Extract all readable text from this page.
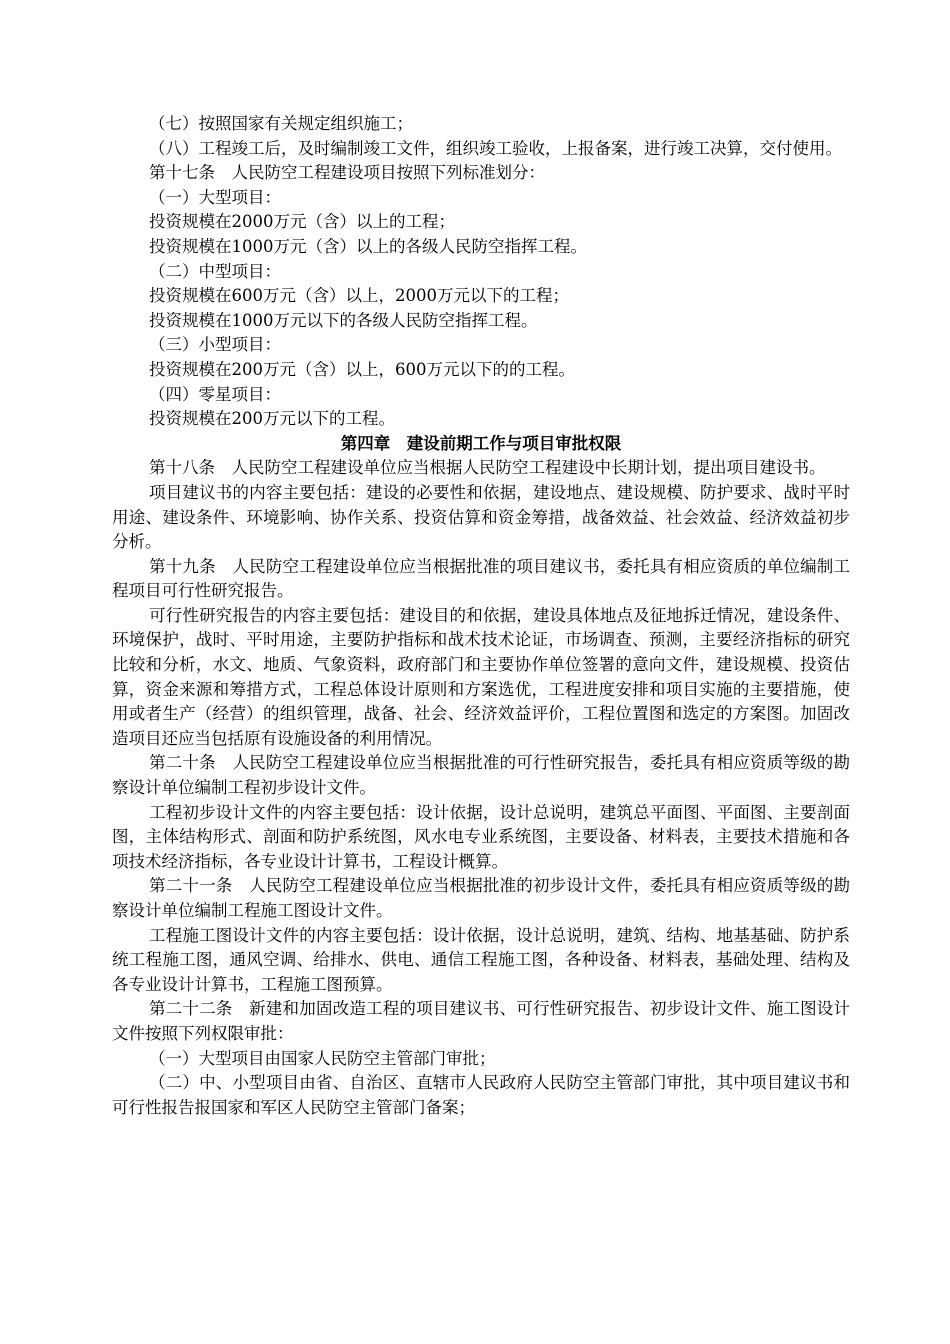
（七）按照国家有关规定组织施工；

（八）工程竣工后，及时编制竣工文件，组织竣工验收，上报备案，进行竣工决算，交付使用。

第十七条　人民防空工程建设项目按照下列标准划分：

（一）大型项目：

投资规模在2000万元（含）以上的工程；

投资规模在1000万元（含）以上的各级人民防空指挥工程。

（二）中型项目：

投资规模在600万元（含）以上，2000万元以下的工程；

投资规模在1000万元以下的各级人民防空指挥工程。

（三）小型项目：

投资规模在200万元（含）以上，600万元以下的的工程。

（四）零星项目：

投资规模在200万元以下的工程。

第四章　建设前期工作与项目审批权限

第十八条　人民防空工程建设单位应当根据人民防空工程建设中长期计划，提出项目建设书。

项目建议书的内容主要包括：建设的必要性和依据，建设地点、建设规模、防护要求、战时平时用途、建设条件、环境影响、协作关系、投资估算和资金筹措，战备效益、社会效益、经济效益初步分析。

第十九条　人民防空工程建设单位应当根据批准的项目建议书，委托具有相应资质的单位编制工程项目可行性研究报告。

可行性研究报告的内容主要包括：建设目的和依据，建设具体地点及征地拆迁情况，建设条件、环境保护，战时、平时用途，主要防护指标和战术技术论证，市场调查、预测，主要经济指标的研究比较和分析，水文、地质、气象资料，政府部门和主要协作单位签署的意向文件，建设规模、投资估算，资金来源和筹措方式，工程总体设计原则和方案选优，工程进度安排和项目实施的主要措施，使用或者生产（经营）的组织管理，战备、社会、经济效益评价，工程位置图和选定的方案图。加固改造项目还应当包括原有设施设备的利用情况。

第二十条　人民防空工程建设单位应当根据批准的可行性研究报告，委托具有相应资质等级的勘察设计单位编制工程初步设计文件。

工程初步设计文件的内容主要包括：设计依据，设计总说明，建筑总平面图、平面图、主要剖面图，主体结构形式、剖面和防护系统图，风水电专业系统图，主要设备、材料表，主要技术措施和各项技术经济指标，各专业设计计算书，工程设计概算。

第二十一条　人民防空工程建设单位应当根据批准的初步设计文件，委托具有相应资质等级的勘察设计单位编制工程施工图设计文件。

工程施工图设计文件的内容主要包括：设计依据，设计总说明，建筑、结构、地基基础、防护系统工程施工图，通风空调、给排水、供电、通信工程施工图，各种设备、材料表，基础处理、结构及各专业设计计算书，工程施工图预算。

第二十二条　新建和加固改造工程的项目建议书、可行性研究报告、初步设计文件、施工图设计文件按照下列权限审批：

（一）大型项目由国家人民防空主管部门审批；

（二）中、小型项目由省、自治区、直辖市人民政府人民防空主管部门审批，其中项目建议书和可行性报告报国家和军区人民防空主管部门备案；
